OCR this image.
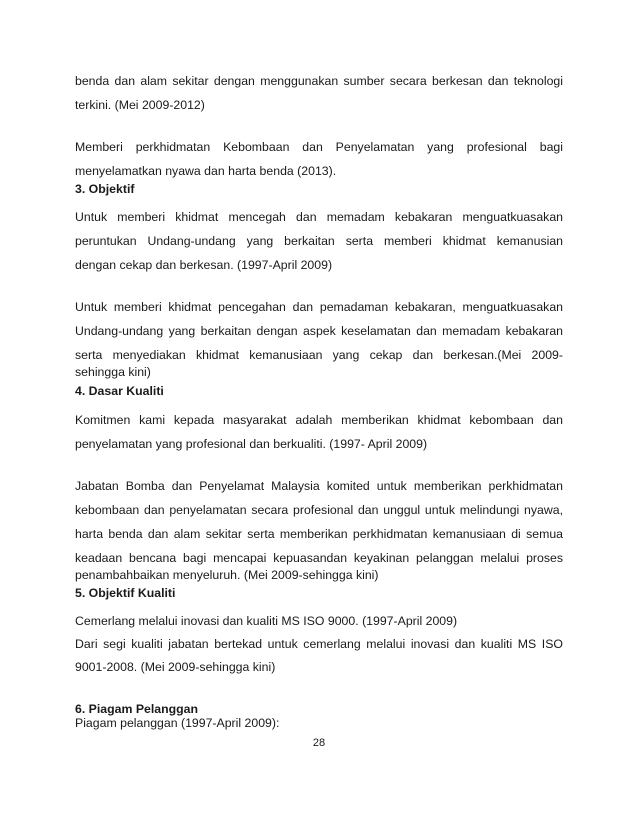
benda dan alam sekitar dengan menggunakan sumber secara berkesan dan teknologi

terkini. (Mei 2009-2012)

Memberi perkhidmatan Kebombaan dan Penyelamatan yang profesional bagi

menyelamatkan nyawa dan harta benda (2013).

3. Objektif

Untuk memberi khidmat mencegah dan memadam kebakaran menguatkuasakan

peruntukan Undang-undang yang berkaitan serta memberi khidmat kemanusian

dengan cekap dan berkesan. (1997-April 2009)

Untuk memberi khidmat pencegahan dan pemadaman kebakaran, menguatkuasakan

Undang-undang yang berkaitan dengan aspek keselamatan dan memadam kebakaran

serta menyediakan khidmat kemanusiaan yang cekap dan berkesan.(Mei 2009-

sehingga kini)

4. Dasar Kualiti

Komitmen kami kepada masyarakat adalah memberikan khidmat kebombaan dan

penyelamatan yang profesional dan berkualiti. (1997- April 2009)

Jabatan Bomba dan Penyelamat Malaysia komited untuk memberikan perkhidmatan

kebombaan dan penyelamatan secara profesional dan unggul untuk melindungi nyawa,

harta benda dan alam sekitar serta memberikan perkhidmatan kemanusiaan di semua

keadaan bencana bagi mencapai kepuasandan keyakinan pelanggan melalui proses

penambahbaikan menyeluruh. (Mei 2009-sehingga kini)

5. Objektif Kualiti

Cemerlang melalui inovasi dan kualiti MS ISO 9000. (1997-April 2009)

Dari segi kualiti jabatan bertekad untuk cemerlang melalui inovasi dan kualiti MS ISO

9001-2008. (Mei 2009-sehingga kini)

6. Piagam Pelanggan

Piagam pelanggan (1997-April 2009):

28
